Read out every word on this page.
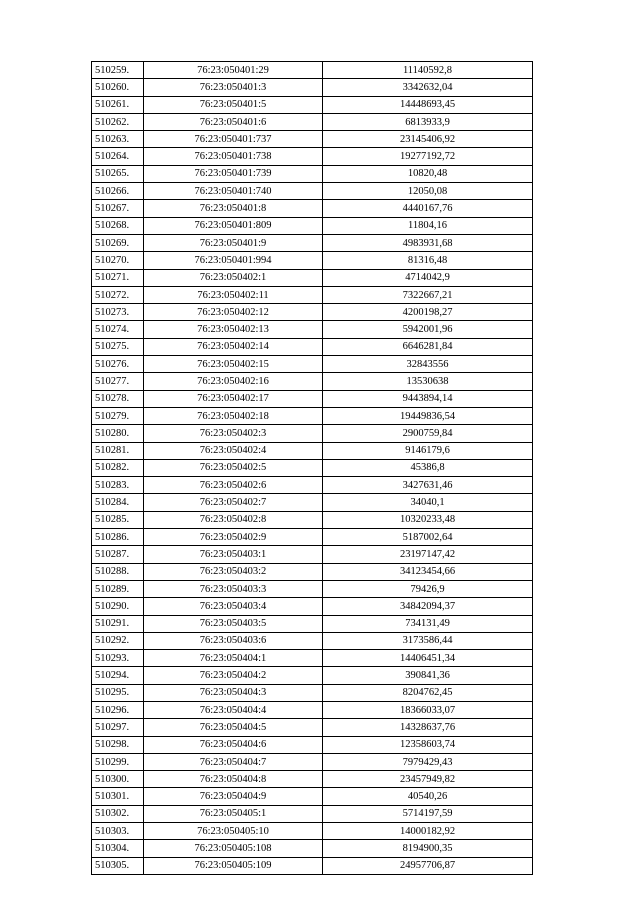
510259.	76:23:050401:29	11140592,8
510260.	76:23:050401:3	3342632,04
510261.	76:23:050401:5	14448693,45
510262.	76:23:050401:6	6813933,9
510263.	76:23:050401:737	23145406,92
510264.	76:23:050401:738	19277192,72
510265.	76:23:050401:739	10820,48
510266.	76:23:050401:740	12050,08
510267.	76:23:050401:8	4440167,76
510268.	76:23:050401:809	11804,16
510269.	76:23:050401:9	4983931,68
510270.	76:23:050401:994	81316,48
510271.	76:23:050402:1	4714042,9
510272.	76:23:050402:11	7322667,21
510273.	76:23:050402:12	4200198,27
510274.	76:23:050402:13	5942001,96
510275.	76:23:050402:14	6646281,84
510276.	76:23:050402:15	32843556
510277.	76:23:050402:16	13530638
510278.	76:23:050402:17	9443894,14
510279.	76:23:050402:18	19449836,54
510280.	76:23:050402:3	2900759,84
510281.	76:23:050402:4	9146179,6
510282.	76:23:050402:5	45386,8
510283.	76:23:050402:6	3427631,46
510284.	76:23:050402:7	34040,1
510285.	76:23:050402:8	10320233,48
510286.	76:23:050402:9	5187002,64
510287.	76:23:050403:1	23197147,42
510288.	76:23:050403:2	34123454,66
510289.	76:23:050403:3	79426,9
510290.	76:23:050403:4	34842094,37
510291.	76:23:050403:5	734131,49
510292.	76:23:050403:6	3173586,44
510293.	76:23:050404:1	14406451,34
510294.	76:23:050404:2	390841,36
510295.	76:23:050404:3	8204762,45
510296.	76:23:050404:4	18366033,07
510297.	76:23:050404:5	14328637,76
510298.	76:23:050404:6	12358603,74
510299.	76:23:050404:7	7979429,43
510300.	76:23:050404:8	23457949,82
510301.	76:23:050404:9	40540,26
510302.	76:23:050405:1	5714197,59
510303.	76:23:050405:10	14000182,92
510304.	76:23:050405:108	8194900,35
510305.	76:23:050405:109	24957706,87
